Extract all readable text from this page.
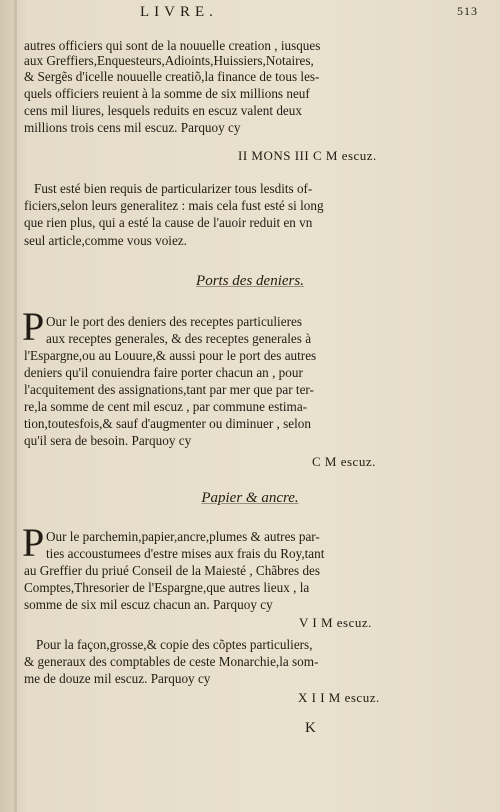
LIVRE.	513
autres officiers qui sont de la nouuelle creation , iusques
aux Greffiers,Enquesteurs,Adioints,Huissiers,Notaires,
& Sergẽs d'icelle nouuelle creatiõ,la finance de tous les-
quels officiers reuient à la somme de six millions neuf
cens mil liures, lesquels reduits en escuz valent deux
millions trois cens mil escuz. Parquoy cy
II MONS III C M escuz.
Fust esté bien requis de particularizer tous lesdits of-
ficiers,selon leurs generalitez : mais cela fust esté si long
que rien plus, qui a esté la cause de l'auoir reduit en vn
seul article,comme vous voiez.
Ports des deniers.
P Our le port des deniers des receptes particulieres
aux receptes generales, & des receptes generales à
l'Espargne,ou au Louure,& aussi pour le port des autres
deniers qu'il conuiendra faire porter chacun an , pour
l'acquitement des assignations,tant par mer que par ter-
re,la somme de cent mil escuz , par commune estima-
tion,toutesfois,& sauf d'augmenter ou diminuer , selon
qu'il sera de besoin. Parquoy cy
C M escuz.
Papier & ancre.
P Our le parchemin,papier,ancre,plumes & autres par-
ties accoustumees d'estre mises aux frais du Roy,tant
au Greffier du priué Conseil de la Maiesté , Chãbres des
Comptes,Thresorier de l'Espargne,que autres lieux , la
somme de six mil escuz chacun an. Parquoy cy
V I M escuz.
Pour la façon,grosse,& copie des cõptes particuliers,
& generaux des comptables de ceste Monarchie,la som-
me de douze mil escuz. Parquoy cy
X I I M escuz.
K
